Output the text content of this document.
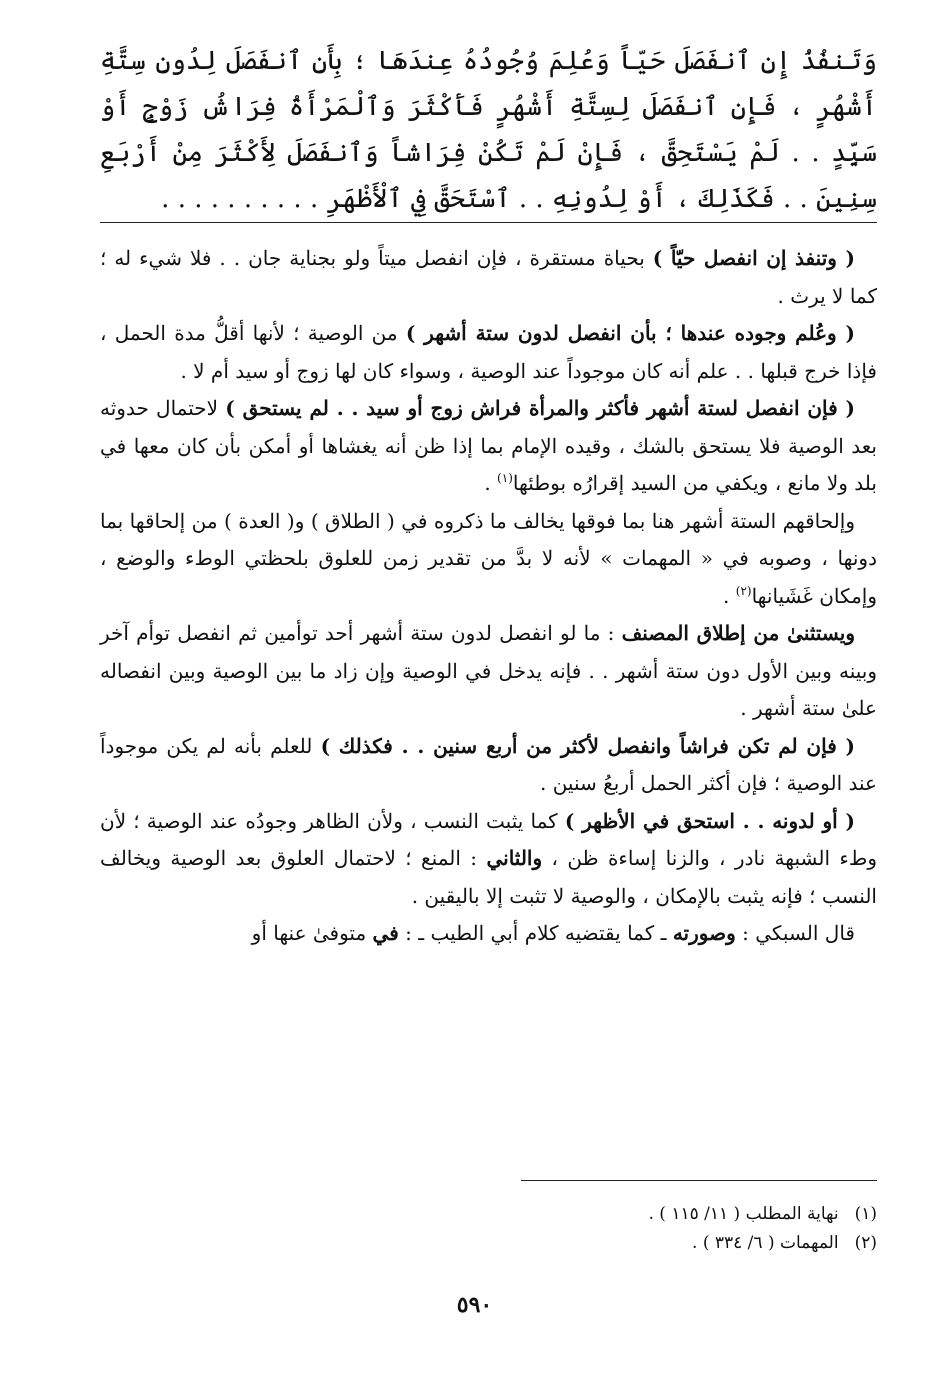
وَتَنفُذُ إِنِ ٱنفَصَلَ حَيّاً وَعُلِمَ وُجُودُهُ عِندَهَا ؛ بِأَنِ ٱنفَصَلَ لِدُونِ سِتَّةِ أَشْهُرٍ ، فَإِنِ ٱنفَصَلَ لِسِتَّةِ أَشْهُرٍ فَأَكْثَرَ وَٱلْمَرْأَةُ فِرَاشُ زَوْجٍ أَوْ سَيِّدٍ . . لَمْ يَسْتَحِقَّ ، فَإِنْ لَمْ تَكُنْ فِرَاشاً وَٱنفَصَلَ لِأَكْثَرَ مِنْ أَرْبَعِ سِنِينَ . . فَكَذَلِكَ ، أَوْ لِدُونِهِ . . ٱسْتَحَقَّ فِي ٱلْأَظْهَرِ . . . . . . . . . .

( وتنفذ إن انفصل حيّاً ) بحياة مستقرة ، فإن انفصل ميتاً ولو بجناية جان . . فلا شيء له ؛ كما لا يرث .

( وعُلم وجوده عندها ؛ بأن انفصل لدون ستة أشهر ) من الوصية ؛ لأنها أقلُّ مدة الحمل ، فإذا خرج قبلها . . علم أنه كان موجوداً عند الوصية ، وسواء كان لها زوج أو سيد أم لا .

( فإن انفصل لستة أشهر فأكثر والمرأة فراش زوج أو سيد . . لم يستحق ) لاحتمال حدوثه بعد الوصية فلا يستحق بالشك ، وقيده الإمام بما إذا ظن أنه يغشاها أو أمكن بأن كان معها في بلد ولا مانع ، ويكفي من السيد إقرارُه بوطئها$^{(١)}$ .

وإلحاقهم الستة أشهر هنا بما فوقها يخالف ما ذكروه في ( الطلاق ) و( العدة ) من إلحاقها بما دونها ، وصوبه في « المهمات » لأنه لا بدَّ من تقدير زمن للعلوق بلحظتي الوطء والوضع ، وإمكان غَشَيانها$^{(٢)}$ .

ويستثنىٰ من إطلاق المصنف : ما لو انفصل لدون ستة أشهر أحد توأمين ثم انفصل توأم آخر وبينه وبين الأول دون ستة أشهر . . فإنه يدخل في الوصية وإن زاد ما بين الوصية وبين انفصاله علىٰ ستة أشهر .

( فإن لم تكن فراشاً وانفصل لأكثر من أربع سنين . . فكذلك ) للعلم بأنه لم يكن موجوداً عند الوصية ؛ فإن أكثر الحمل أربعُ سنين .

( أو لدونه . . استحق في الأظهر ) كما يثبت النسب ، ولأن الظاهر وجودُه عند الوصية ؛ لأن وطء الشبهة نادر ، والزنا إساءة ظن ، والثاني : المنع ؛ لاحتمال العلوق بعد الوصية ويخالف النسب ؛ فإنه يثبت بالإمكان ، والوصية لا تثبت إلا باليقين .

قال السبكي : وصورته ـ كما يقتضيه كلام أبي الطيب ـ : في متوفىٰ عنها أو

(١)نهاية المطلب ( ١١/ ١١٥ ) .
(٢)المهمات ( ٦/ ٣٣٤ ) .
٥٩٠
